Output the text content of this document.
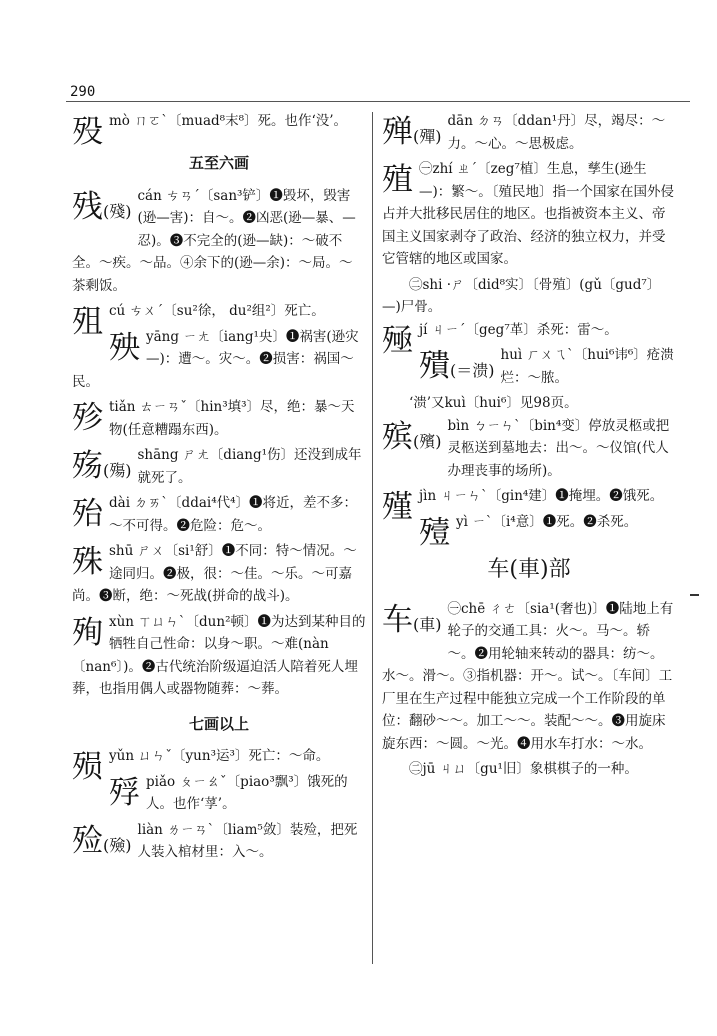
290
殁mò ㄇㄛˋ〔muad⁸末⁸〕死。也作‘没’。
五至六画
残(殘)
cán ㄘㄢˊ〔san³铲〕❶毁坏，毁害(逊—害)：自～。❷凶恶(逊—暴、—忍)。❸不完全的(逊—缺)：～破不全。～疾。～品。④余下的(逊—余)：～局。～茶剩饭。
殂cú ㄘㄨˊ〔su²徐， du²组²〕死亡。
殃yāng ㄧㄤ〔iang¹央〕❶祸害(逊灾—)：遭～。灾～。❷损害：祸国～民。
殄tiǎn ㄊㄧㄢˇ〔hin³填³〕尽，绝：暴～天物(任意糟蹋东西)。
殇(殤)
shāng ㄕㄤ〔diang¹伤〕还没到成年就死了。
殆dài ㄉㄞˋ〔ddai⁴代⁴〕❶将近，差不多：～不可得。❷危险：危～。
殊shū ㄕㄨ〔si¹舒〕❶不同：特～情况。～途同归。❷极，很：～佳。～乐。～可嘉尚。❸断，绝：～死战(拼命的战斗)。
殉xùn ㄒㄩㄣˋ〔dun²顿〕❶为达到某种目的牺牲自己性命：以身～职。～难(nàn〔nan⁶〕)。❷古代统治阶级逼迫活人陪着死人埋葬，也指用偶人或器物随葬：～葬。
七画以上
殒yǔn ㄩㄣˇ〔yun³运³〕死亡：～命。
殍piǎo ㄆㄧㄠˇ〔piao³飘³〕饿死的人。也作‘莩’。
殓(殮)
liàn ㄌㄧㄢˋ〔liam⁵敛〕装殓，把死人装入棺材里：入～。
殚(殫)
dān ㄉㄢ〔ddan¹丹〕尽，竭尽：～力。～心。～思极虑。
殖 ㊀zhí ㄓˊ〔zeg⁷植〕生息，孳生(逊生—)：繁～。〔殖民地〕指一个国家在国外侵占并大批移民居住的地区。也指被资本主义、帝国主义国家剥夺了政治、经济的独立权力，并受它管辖的地区或国家。
㊁shi ·ㄕ〔did⁸实〕〔骨殖〕(gǔ〔gud⁷〕—)尸骨。
殛jí ㄐㄧˊ〔geg⁷革〕杀死：雷～。
殨(＝溃)
huì ㄏㄨㄟˋ〔hui⁶讳⁶〕疮溃烂：～脓。
‘溃’又kuì〔hui⁶〕见98页。
殡(殯)
bìn ㄅㄧㄣˋ〔bin⁴变〕停放灵柩或把灵柩送到墓地去：出～。～仪馆(代人办理丧事的场所)。
殣jìn ㄐㄧㄣˋ〔gin⁴建〕❶掩埋。❷饿死。
殪yì ㄧˋ〔i⁴意〕❶死。❷杀死。
车(車)部
车(車)
㊀chē ㄔㄜ〔sia¹(奢也)〕❶陆地上有轮子的交通工具：火～。马～。轿～。❷用轮轴来转动的器具：纺～。水～。滑～。③指机器：开～。试～。〔车间〕工厂里在生产过程中能独立完成一个工作阶段的单位：翻砂～～。加工～～。装配～～。❸用旋床旋东西：～圆。～光。❹用水车打水：～水。
㊁jū ㄐㄩ〔gu¹旧〕象棋棋子的一种。
